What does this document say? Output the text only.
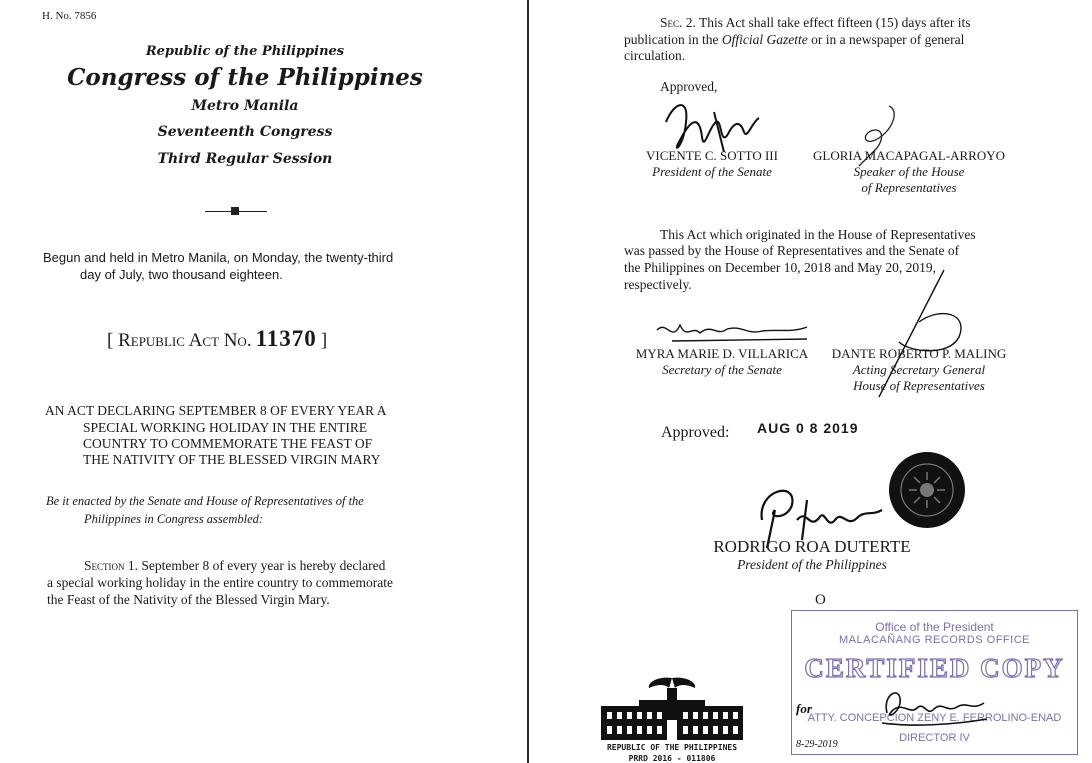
H. No. 7856
Republic of the Philippines
Congress of the Philippines
Metro Manila
Seventeenth Congress
Third Regular Session
Begun and held in Metro Manila, on Monday, the twenty-third
day of July, two thousand eighteen.
[ Republic Act No. 11370 ]
AN ACT DECLARING SEPTEMBER 8 OF EVERY YEAR A
SPECIAL WORKING HOLIDAY IN THE ENTIRE
COUNTRY TO COMMEMORATE THE FEAST OF
THE NATIVITY OF THE BLESSED VIRGIN MARY
Be it enacted by the Senate and House of Representatives of the
Philippines in Congress assembled:
Section 1. September 8 of every year is hereby declared
a special working holiday in the entire country to commemorate
the Feast of the Nativity of the Blessed Virgin Mary.
Sec. 2. This Act shall take effect fifteen (15) days after its
publication in the Official Gazette or in a newspaper of general
circulation.
Approved,
VICENTE C. SOTTO III
President of the Senate
GLORIA MACAPAGAL-ARROYO
Speaker of the House
of Representatives
This Act which originated in the House of Representatives
was passed by the House of Representatives and the Senate of
the Philippines on December 10, 2018 and May 20, 2019,
respectively.
MYRA MARIE D. VILLARICA
Secretary of the Senate
DANTE ROBERTO P. MALING
Acting Secretary General
House of Representatives
Approved: AUG 0 8 2019
RODRIGO ROA DUTERTE
President of the Philippines
O
REPUBLIC OF THE PHILIPPINES
PRRD 2016 - 011806
Office of the President
MALACAÑANG RECORDS OFFICE
CERTIFIED COPY
ATTY. CONCEPCION ZENY E. FERROLINO-ENAD
DIRECTOR IV
for
8-29-2019
